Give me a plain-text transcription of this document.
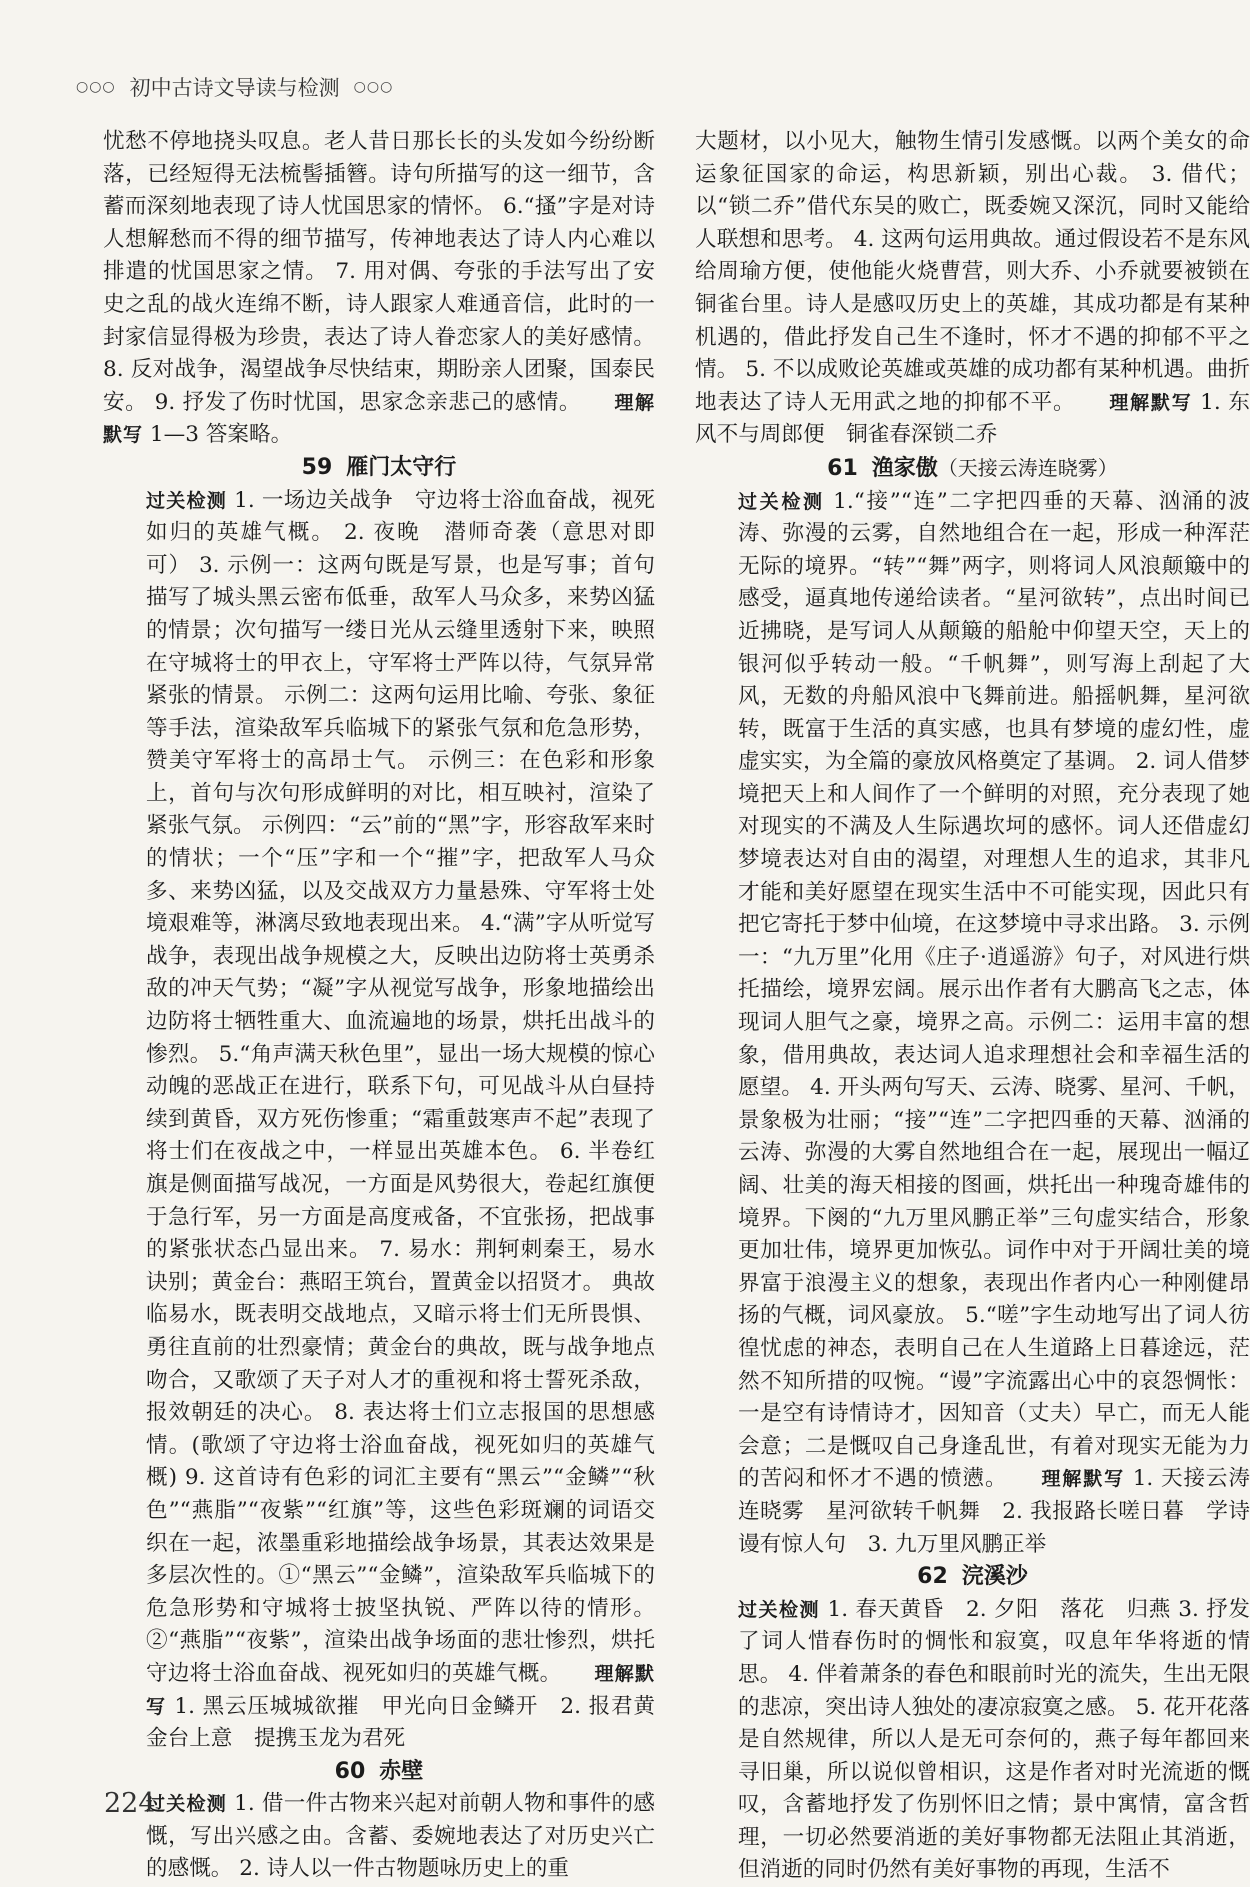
○○○ 初中古诗文导读与检测 ○○○

忧愁不停地挠头叹息。老人昔日那长长的头发如今纷纷断落，已经短得无法梳髻插簪。诗句所描写的这一细节，含蓄而深刻地表现了诗人忧国思家的情怀。 6.“搔”字是对诗人想解愁而不得的细节描写，传神地表达了诗人内心难以排遣的忧国思家之情。 7. 用对偶、夸张的手法写出了安史之乱的战火连绵不断，诗人跟家人难通音信，此时的一封家信显得极为珍贵，表达了诗人眷恋家人的美好感情。 8. 反对战争，渴望战争尽快结束，期盼亲人团聚，国泰民安。 9. 抒发了伤时忧国，思家念亲悲己的感情。　　 理解默写 1—3 答案略。

59 雁门太守行

过关检测 1. 一场边关战争　守边将士浴血奋战，视死如归的英雄气概。 2. 夜晚　潜师奇袭（意思对即可） 3. 示例一：这两句既是写景，也是写事；首句描写了城头黑云密布低垂，敌军人马众多，来势凶猛的情景；次句描写一缕日光从云缝里透射下来，映照在守城将士的甲衣上，守军将士严阵以待，气氛异常紧张的情景。 示例二：这两句运用比喻、夸张、象征等手法，渲染敌军兵临城下的紧张气氛和危急形势，赞美守军将士的高昂士气。 示例三：在色彩和形象上，首句与次句形成鲜明的对比，相互映衬，渲染了紧张气氛。 示例四：“云”前的“黑”字，形容敌军来时的情状；一个“压”字和一个“摧”字，把敌军人马众多、来势凶猛，以及交战双方力量悬殊、守军将士处境艰难等，淋漓尽致地表现出来。 4.“满”字从听觉写战争，表现出战争规模之大，反映出边防将士英勇杀敌的冲天气势；“凝”字从视觉写战争，形象地描绘出边防将士牺牲重大、血流遍地的场景，烘托出战斗的惨烈。 5.“角声满天秋色里”，显出一场大规模的惊心动魄的恶战正在进行，联系下句，可见战斗从白昼持续到黄昏，双方死伤惨重；“霜重鼓寒声不起”表现了将士们在夜战之中，一样显出英雄本色。 6. 半卷红旗是侧面描写战况，一方面是风势很大，卷起红旗便于急行军，另一方面是高度戒备，不宜张扬，把战事的紧张状态凸显出来。 7. 易水：荆轲刺秦王，易水诀别；黄金台：燕昭王筑台，置黄金以招贤才。 典故临易水，既表明交战地点，又暗示将士们无所畏惧、勇往直前的壮烈豪情；黄金台的典故，既与战争地点吻合，又歌颂了天子对人才的重视和将士誓死杀敌，报效朝廷的决心。 8. 表达将士们立志报国的思想感情。(歌颂了守边将士浴血奋战，视死如归的英雄气概) 9. 这首诗有色彩的词汇主要有“黑云”“金鳞”“秋色”“燕脂”“夜紫”“红旗”等，这些色彩斑斓的词语交织在一起，浓墨重彩地描绘战争场景，其表达效果是多层次性的。①“黑云”“金鳞”，渲染敌军兵临城下的危急形势和守城将士披坚执锐、严阵以待的情形。 ②“燕脂”“夜紫”，渲染出战争场面的悲壮惨烈，烘托守边将士浴血奋战、视死如归的英雄气概。　　 理解默写 1. 黑云压城城欲摧　甲光向日金鳞开　2. 报君黄金台上意　提携玉龙为君死

60 赤壁

过关检测 1. 借一件古物来兴起对前朝人物和事件的感慨，写出兴感之由。含蓄、委婉地表达了对历史兴亡的感慨。 2. 诗人以一件古物题咏历史上的重

大题材，以小见大，触物生情引发感慨。以两个美女的命运象征国家的命运，构思新颖，别出心裁。 3. 借代；以“锁二乔”借代东吴的败亡，既委婉又深沉，同时又能给人联想和思考。 4. 这两句运用典故。通过假设若不是东风给周瑜方便，使他能火烧曹营，则大乔、小乔就要被锁在铜雀台里。诗人是感叹历史上的英雄，其成功都是有某种机遇的，借此抒发自己生不逢时，怀才不遇的抑郁不平之情。 5. 不以成败论英雄或英雄的成功都有某种机遇。曲折地表达了诗人无用武之地的抑郁不平。　　 理解默写 1. 东风不与周郎便　铜雀春深锁二乔

61 渔家傲（天接云涛连晓雾）

过关检测 1.“接”“连”二字把四垂的天幕、汹涌的波涛、弥漫的云雾，自然地组合在一起，形成一种浑茫无际的境界。“转”“舞”两字，则将词人风浪颠簸中的感受，逼真地传递给读者。“星河欲转”，点出时间已近拂晓，是写词人从颠簸的船舱中仰望天空，天上的银河似乎转动一般。“千帆舞”，则写海上刮起了大风，无数的舟船风浪中飞舞前进。船摇帆舞，星河欲转，既富于生活的真实感，也具有梦境的虚幻性，虚虚实实，为全篇的豪放风格奠定了基调。 2. 词人借梦境把天上和人间作了一个鲜明的对照，充分表现了她对现实的不满及人生际遇坎坷的感怀。词人还借虚幻梦境表达对自由的渴望，对理想人生的追求，其非凡才能和美好愿望在现实生活中不可能实现，因此只有把它寄托于梦中仙境，在这梦境中寻求出路。 3. 示例一：“九万里”化用《庄子·逍遥游》句子，对风进行烘托描绘，境界宏阔。展示出作者有大鹏高飞之志，体现词人胆气之豪，境界之高。示例二：运用丰富的想象，借用典故，表达词人追求理想社会和幸福生活的愿望。 4. 开头两句写天、云涛、晓雾、星河、千帆，景象极为壮丽；“接”“连”二字把四垂的天幕、汹涌的云涛、弥漫的大雾自然地组合在一起，展现出一幅辽阔、壮美的海天相接的图画，烘托出一种瑰奇雄伟的境界。下阕的“九万里风鹏正举”三句虚实结合，形象更加壮伟，境界更加恢弘。词作中对于开阔壮美的境界富于浪漫主义的想象，表现出作者内心一种刚健昂扬的气概，词风豪放。 5.“嗟”字生动地写出了词人彷徨忧虑的神态，表明自己在人生道路上日暮途远，茫然不知所措的叹惋。“谩”字流露出心中的哀怨惆怅：一是空有诗情诗才，因知音（丈夫）早亡，而无人能会意；二是慨叹自己身逢乱世，有着对现实无能为力的苦闷和怀才不遇的愤懑。　　 理解默写 1. 天接云涛连晓雾　星河欲转千帆舞　2. 我报路长嗟日暮　学诗谩有惊人句　3. 九万里风鹏正举

62 浣溪沙

过关检测 1. 春天黄昏　2. 夕阳　落花　归燕 3. 抒发了词人惜春伤时的惆怅和寂寞，叹息年华将逝的情思。 4. 伴着萧条的春色和眼前时光的流失，生出无限的悲凉，突出诗人独处的凄凉寂寞之感。 5. 花开花落是自然规律，所以人是无可奈何的，燕子每年都回来寻旧巢，所以说似曾相识，这是作者对时光流逝的慨叹，含蓄地抒发了伤别怀旧之情；景中寓情，富含哲理，一切必然要消逝的美好事物都无法阻止其消逝，但消逝的同时仍然有美好事物的再现，生活不

224
